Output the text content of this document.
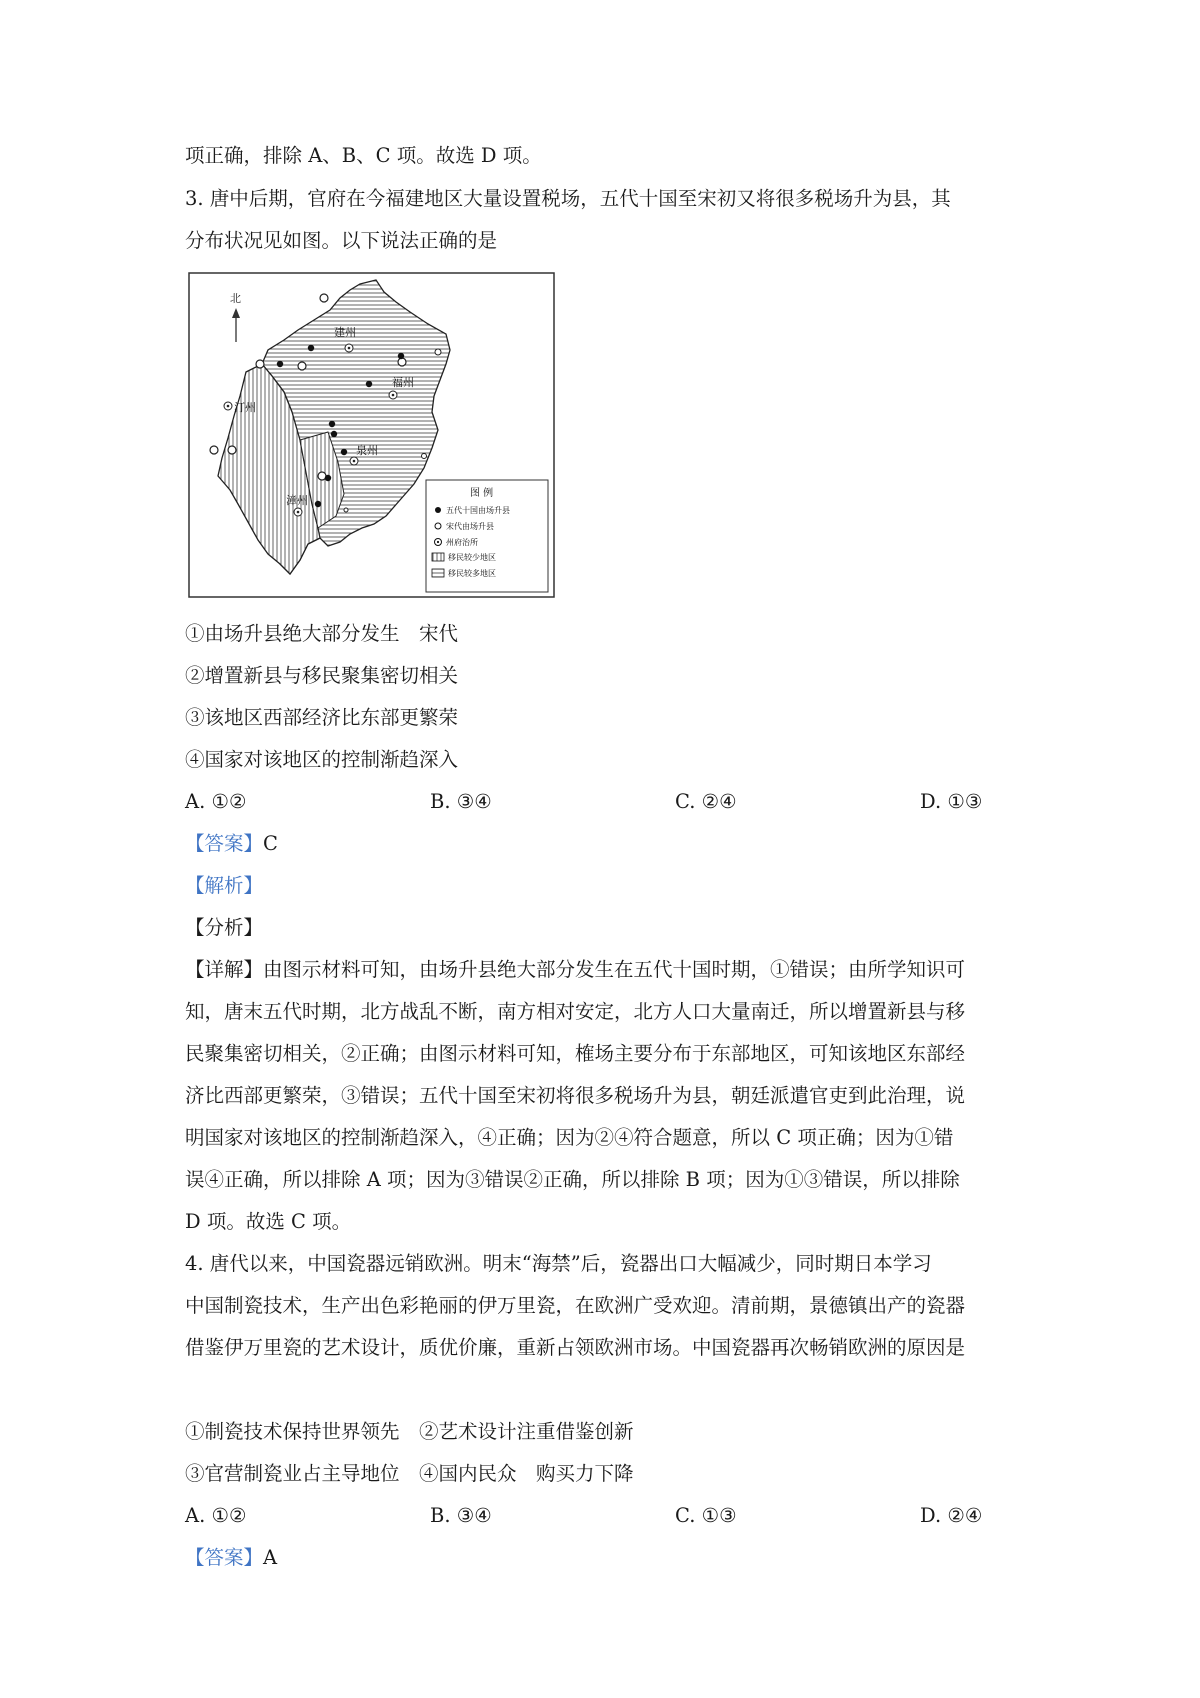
项正确，排除 A、B、C 项。故选 D 项。
3. 唐中后期，官府在今福建地区大量设置税场，五代十国至宋初又将很多税场升为县，其
分布状况见如图。以下说法正确的是
北
建州
汀州
福州
泉州
漳州
图 例
五代十国由场升县
宋代由场升县
州府治所
移民较少地区
移民较多地区
①由场升县绝大部分发生　宋代
②增置新县与移民聚集密切相关
③该地区西部经济比东部更繁荣
④国家对该地区的控制渐趋深入
A. ①②	B. ③④	C. ②④	D. ①③
【答案】C
【解析】
【分析】
【详解】由图示材料可知，由场升县绝大部分发生在五代十国时期，①错误；由所学知识可
知，唐末五代时期，北方战乱不断，南方相对安定，北方人口大量南迁，所以增置新县与移
民聚集密切相关，②正确；由图示材料可知，榷场主要分布于东部地区，可知该地区东部经
济比西部更繁荣，③错误；五代十国至宋初将很多税场升为县，朝廷派遣官吏到此治理，说
明国家对该地区的控制渐趋深入，④正确；因为②④符合题意，所以 C 项正确；因为①错
误④正确，所以排除 A 项；因为③错误②正确，所以排除 B 项；因为①③错误，所以排除
D 项。故选 C 项。
4. 唐代以来，中国瓷器远销欧洲。明末“海禁”后，瓷器出口大幅减少，同时期日本学习
中国制瓷技术，生产出色彩艳丽的伊万里瓷，在欧洲广受欢迎。清前期，景德镇出产的瓷器
借鉴伊万里瓷的艺术设计，质优价廉，重新占领欧洲市场。中国瓷器再次畅销欧洲的原因是
①制瓷技术保持世界领先　②艺术设计注重借鉴创新
③官营制瓷业占主导地位　④国内民众　购买力下降
A. ①②	B. ③④	C. ①③	D. ②④
【答案】A
